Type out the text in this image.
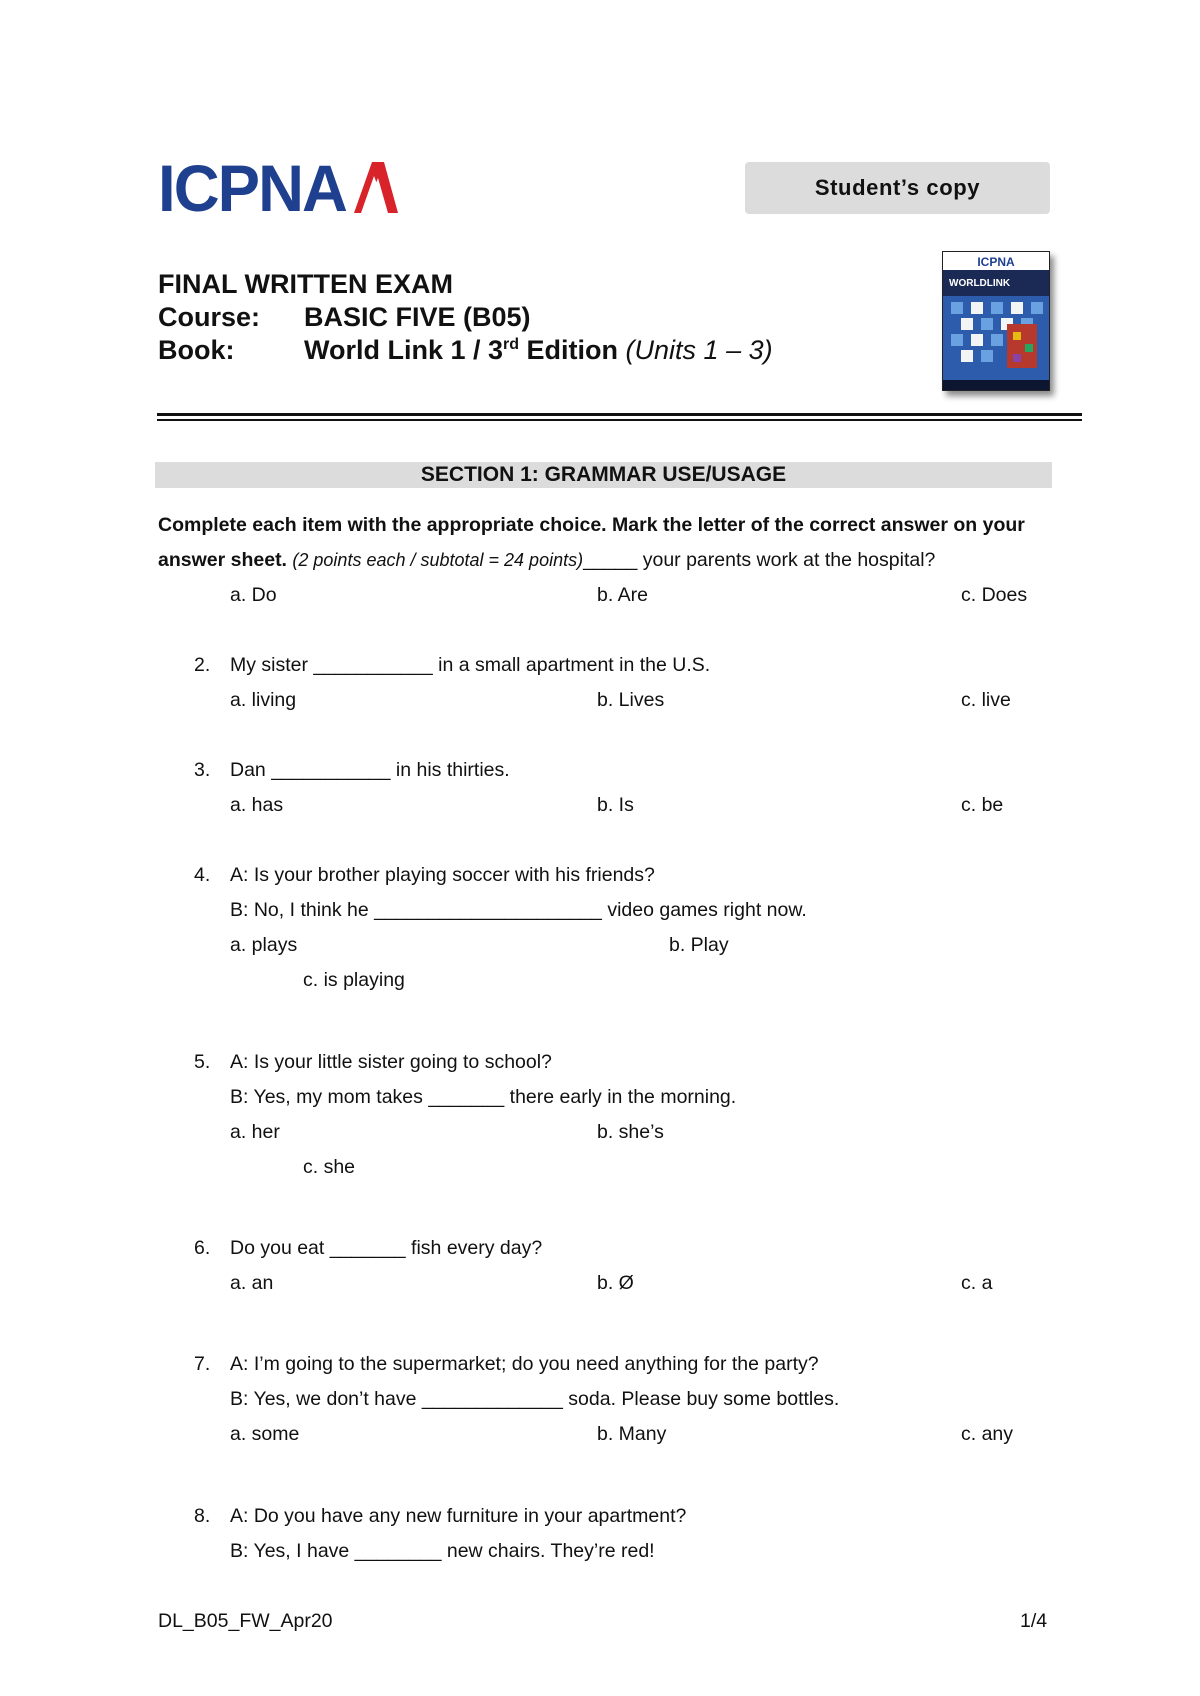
ICPNA	Student’s copy
ICPNA
WORLDLINK
FINAL WRITTEN EXAM
Course:	BASIC FIVE (B05)
Book:	World Link 1 / 3rd Edition
(Units 1 – 3)
SECTION 1: GRAMMAR USE/USAGE
Complete each item with the appropriate choice. Mark the letter of the correct answer on your answer sheet. (2 points each / subtotal = 24 points)_____ your parents work at the hospital?
a. Do	b. Are	c. Does
2. My sister ___________ in a small apartment in the U.S.
a. living	b. Lives	c. live
3. Dan ___________ in his thirties.
a. has	b. Is	c. be
4. A: Is your brother playing soccer with his friends?
B: No, I think he _____________________ video games right now.
a. plays	b. Play
c. is playing
5. A: Is your little sister going to school?
B: Yes, my mom takes _______ there early in the morning.
a. her	b. she’s
c. she
6. Do you eat _______ fish every day?
a. an	b. Ø	c. a
7. A: I’m going to the supermarket; do you need anything for the party?
B: Yes, we don’t have _____________ soda. Please buy some bottles.
a. some	b. Many	c. any
8. A: Do you have any new furniture in your apartment?
B: Yes, I have ________ new chairs. They’re red!
DL_B05_FW_Apr20	1/4
